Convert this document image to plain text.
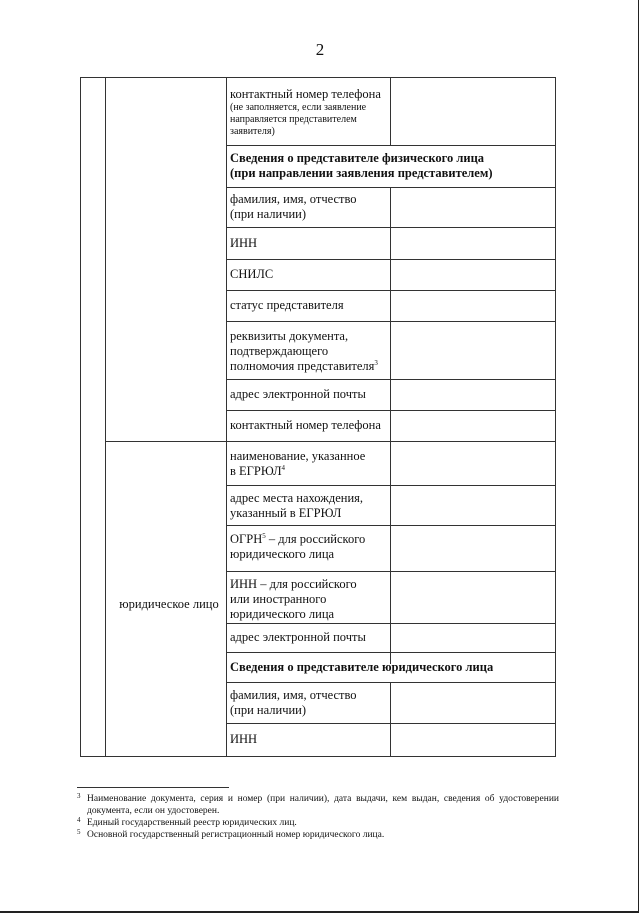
2
контактный номер телефона
(не заполняется, если заявление
направляется представителем
заявителя)
Сведения о представителе физического лица
(при направлении заявления представителем)
фамилия, имя, отчество
(при наличии)
ИНН
СНИЛС
статус представителя
реквизиты документа,
подтверждающего
полномочия представителя$^3$
адрес электронной почты
контактный номер телефона
наименование, указанное
в ЕГРЮЛ$^4$
адрес места нахождения,
указанный в ЕГРЮЛ
ОГРН$^5$ – для российского
юридического лица
ИНН – для российского
или иностранного
юридического лица
адрес электронной почты
Сведения о представителе юридического лица
фамилия, имя, отчество
(при наличии)
ИНН
юридическое лицо
3 Наименование документа, серия и номер (при наличии), дата выдачи, кем выдан, сведения об удостоверении документа, если он удостоверен.
4 Единый государственный реестр юридических лиц.
5 Основной государственный регистрационный номер юридического лица.
